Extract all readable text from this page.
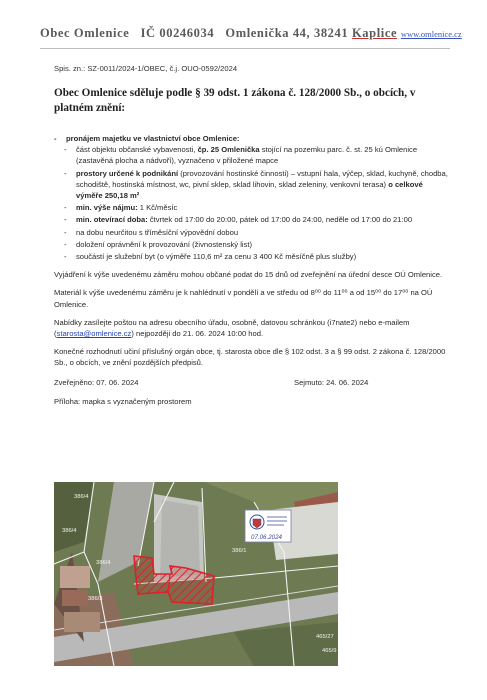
Obec Omlenice IČ 00246034 Omlenička 44, 38241 Kaplice www.omlenice.cz
Spis. zn.: SZ-0011/2024-1/OBEC, č.j. OUO-0592/2024
Obec Omlenice sděluje podle § 39 odst. 1 zákona č. 128/2000 Sb., o obcích, v platném znění:

- pronájem majetku ve vlastnictví obce Omlenice:

- část objektu občanské vybavenosti, čp. 25 Omlenička stojící na pozemku parc. č. st. 25 kú Omlenice (zastavěná plocha a nádvoří), vyznačeno v přiložené mapce
- prostory určené k podnikání (provozování hostinské činnosti) – vstupní hala, výčep, sklad, kuchyně, chodba, schodiště, hostinská místnost, wc, pivní sklep, sklad lihovin, sklad zeleniny, venkovní terasa) o celkové výměře 250,18 m²
- min. výše nájmu: 1 Kč/měsíc
- min. otevírací doba: čtvrtek od 17:00 do 20:00, pátek od 17:00 do 24:00, neděle od 17:00 do 21:00
- na dobu neurčitou s tříměsíční výpovědní dobou
- doložení oprávnění k provozování (živnostenský list)
- součástí je služební byt (o výměře 110,6 m² za cenu 3 400 Kč měsíčně plus služby)

Vyjádření k výše uvedenému záměru mohou občané podat do 15 dnů od zveřejnění na úřední desce OÚ Omlenice.

Materiál k výše uvedenému záměru je k nahlédnutí v pondělí a ve středu od 8⁰⁰ do 11⁰⁰ a od 15⁰⁰ do 17⁰⁰ na OÚ Omlenice.

Nabídky zasílejte poštou na adresu obecního úřadu, osobně, datovou schránkou (i7nate2) nebo e-mailem (starosta@omlenice.cz) nejpozději do 21. 06. 2024 10:00 hod.

Konečné rozhodnutí učiní příslušný orgán obce, tj. starosta obce dle § 102 odst. 3 a § 99 odst. 2 zákona č. 128/2000 Sb., o obcích, ve znění pozdějších předpisů.

Zveřejněno: 07. 06. 2024	Sejmuto: 24. 06. 2024

Příloha: mapka s vyznačeným prostorem

07.06.2024
386/4
386/4
386/4
386/1
465/27
465/9
386/3
